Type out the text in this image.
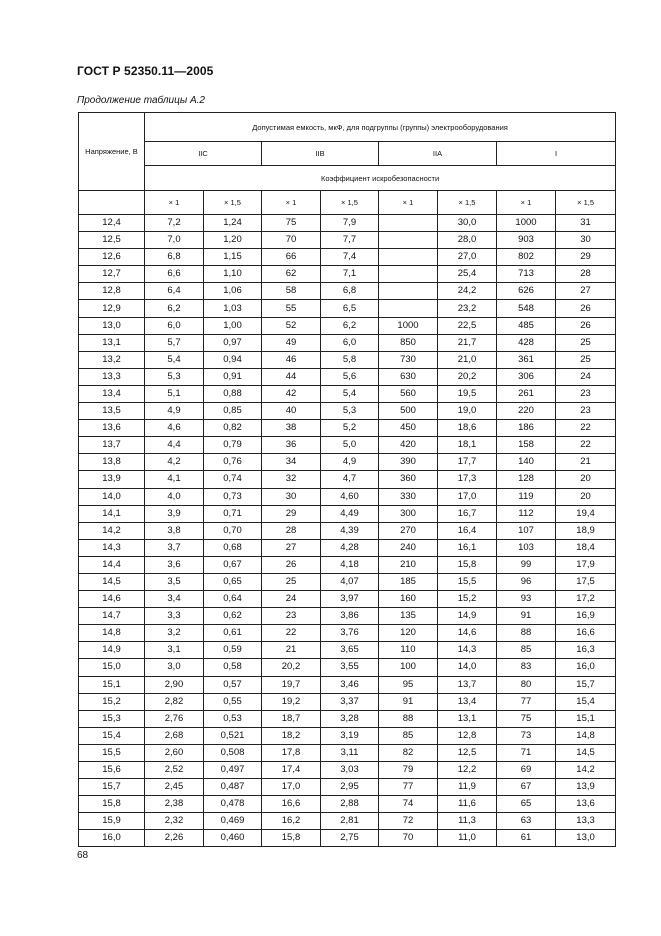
ГОСТ Р 52350.11—2005
Продолжение таблицы А.2
Напряжение, В	Допустимая емкость, мкФ, для подгруппы (группы) электрооборудования							
	IIC		IIB		IIA		I	
	Коэффициент искробезопасности							
	× 1	× 1,5	× 1	× 1,5	× 1	× 1,5	× 1	× 1,5
12,4	7,2	1,24	75	7,9		30,0	1000	31
12,5	7,0	1,20	70	7,7		28,0	903	30
12,6	6,8	1,15	66	7,4		27,0	802	29
12,7	6,6	1,10	62	7,1		25,4	713	28
12,8	6,4	1,06	58	6,8		24,2	626	27
12,9	6,2	1,03	55	6,5		23,2	548	26
13,0	6,0	1,00	52	6,2	1000	22,5	485	26
13,1	5,7	0,97	49	6,0	850	21,7	428	25
13,2	5,4	0,94	46	5,8	730	21,0	361	25
13,3	5,3	0,91	44	5,6	630	20,2	306	24
13,4	5,1	0,88	42	5,4	560	19,5	261	23
13,5	4,9	0,85	40	5,3	500	19,0	220	23
13,6	4,6	0,82	38	5,2	450	18,6	186	22
13,7	4,4	0,79	36	5,0	420	18,1	158	22
13,8	4,2	0,76	34	4,9	390	17,7	140	21
13,9	4,1	0,74	32	4,7	360	17,3	128	20
14,0	4,0	0,73	30	4,60	330	17,0	119	20
14,1	3,9	0,71	29	4,49	300	16,7	112	19,4
14,2	3,8	0,70	28	4,39	270	16,4	107	18,9
14,3	3,7	0,68	27	4,28	240	16,1	103	18,4
14,4	3,6	0,67	26	4,18	210	15,8	99	17,9
14,5	3,5	0,65	25	4,07	185	15,5	96	17,5
14,6	3,4	0,64	24	3,97	160	15,2	93	17,2
14,7	3,3	0,62	23	3,86	135	14,9	91	16,9
14,8	3,2	0,61	22	3,76	120	14,6	88	16,6
14,9	3,1	0,59	21	3,65	110	14,3	85	16,3
15,0	3,0	0,58	20,2	3,55	100	14,0	83	16,0
15,1	2,90	0,57	19,7	3,46	95	13,7	80	15,7
15,2	2,82	0,55	19,2	3,37	91	13,4	77	15,4
15,3	2,76	0,53	18,7	3,28	88	13,1	75	15,1
15,4	2,68	0,521	18,2	3,19	85	12,8	73	14,8
15,5	2,60	0,508	17,8	3,11	82	12,5	71	14,5
15,6	2,52	0,497	17,4	3,03	79	12,2	69	14,2
15,7	2,45	0,487	17,0	2,95	77	11,9	67	13,9
15,8	2,38	0,478	16,6	2,88	74	11,6	65	13,6
15,9	2,32	0,469	16,2	2,81	72	11,3	63	13,3
16,0	2,26	0,460	15,8	2,75	70	11,0	61	13,0
68
